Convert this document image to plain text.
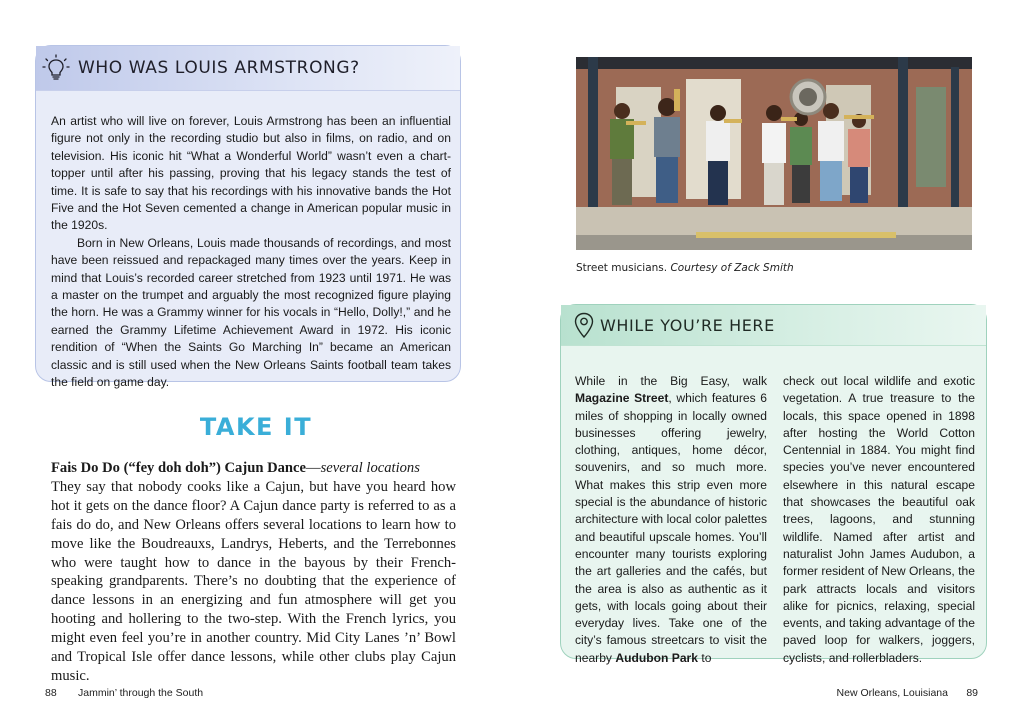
WHO WAS LOUIS ARMSTRONG?

An artist who will live on forever, Louis Armstrong has been an influential figure not only in the recording studio but also in films, on radio, and on television. His iconic hit “What a Wonderful World” wasn’t even a chart-topper until after his passing, proving that his legacy stands the test of time. It is safe to say that his recordings with his innovative bands the Hot Five and the Hot Seven cemented a change in American popular music in the 1920s.

Born in New Orleans, Louis made thousands of recordings, and most have been reissued and repackaged many times over the years. Keep in mind that Louis’s recorded career stretched from 1923 until 1971. He was a master on the trumpet and arguably the most recognized figure playing the horn. He was a Grammy winner for his vocals in “Hello, Dolly!,” and he earned the Grammy Lifetime Achievement Award in 1972. His iconic rendition of “When the Saints Go Marching In” became an American classic and is still used when the New Orleans Saints football team takes the field on game day.

TAKE IT
Fais Do Do (“fey doh doh”) Cajun Dance—several locations
They say that nobody cooks like a Cajun, but have you heard how hot it gets on the dance floor? A Cajun dance party is referred to as a fais do do, and New Orleans offers several locations to learn how to move like the Boudreauxs, Landrys, Heberts, and the Terrebonnes who were taught how to dance in the bayous by their French-speaking grandparents. There’s no doubting that the experience of dance lessons in an energizing and fun atmosphere will get you hooting and hollering to the two-step. With the French lyrics, you might even feel you’re in another country. Mid City Lanes ’n’ Bowl and Tropical Isle offer dance lessons, while other clubs play Cajun music.
88 Jammin’ through the South
Street musicians. Courtesy of Zack Smith
WHILE YOU’RE HERE
While in the Big Easy, walk Magazine Street, which features 6 miles of shopping in locally owned businesses offering jewelry, clothing, antiques, home décor, souvenirs, and so much more. What makes this strip even more special is the abundance of historic architecture with local color palettes and beautiful upscale homes. You’ll encounter many tourists exploring the art galleries and the cafés, but the area is also as authentic as it gets, with locals going about their everyday lives. Take one of the city’s famous streetcars to visit the nearby Audubon Park to
check out local wildlife and exotic vegetation. A true treasure to the locals, this space opened in 1898 after hosting the World Cotton Centennial in 1884. You might find species you’ve never encountered elsewhere in this natural escape that showcases the beautiful oak trees, lagoons, and stunning wildlife. Named after artist and naturalist John James Audubon, a former resident of New Orleans, the park attracts locals and visitors alike for picnics, relaxing, special events, and taking advantage of the paved loop for walkers, joggers, cyclists, and rollerbladers.
New Orleans, Louisiana 89
